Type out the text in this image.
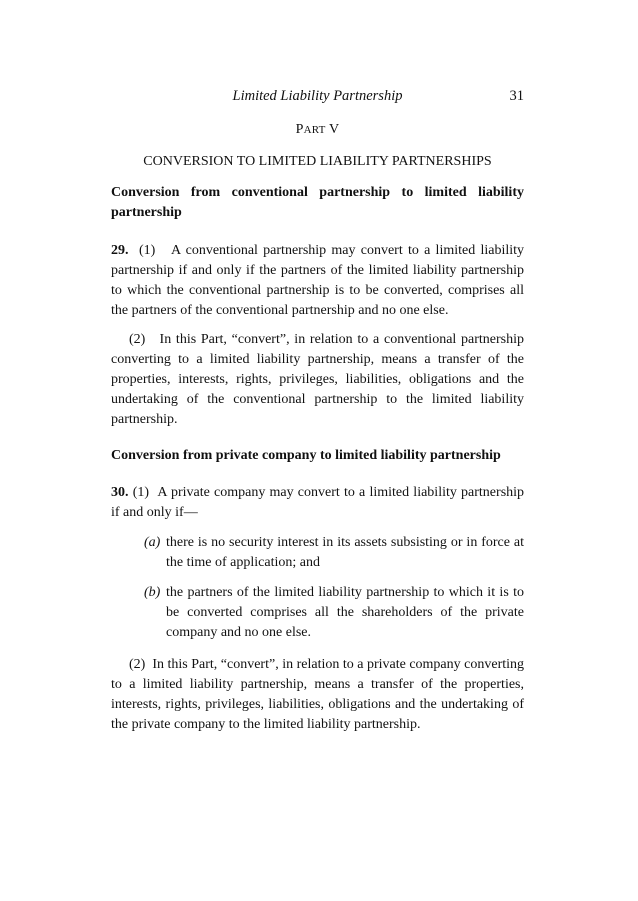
Limited Liability Partnership	31
PART V
CONVERSION TO LIMITED LIABILITY PARTNERSHIPS
Conversion from conventional partnership to limited liability partnership
29. (1) A conventional partnership may convert to a limited liability partnership if and only if the partners of the limited liability partnership to which the conventional partnership is to be converted, comprises all the partners of the conventional partnership and no one else.
(2) In this Part, “convert”, in relation to a conventional partnership converting to a limited liability partnership, means a transfer of the properties, interests, rights, privileges, liabilities, obligations and the undertaking of the conventional partnership to the limited liability partnership.
Conversion from private company to limited liability partnership
30. (1) A private company may convert to a limited liability partnership if and only if—
(a) there is no security interest in its assets subsisting or in force at the time of application; and
(b) the partners of the limited liability partnership to which it is to be converted comprises all the shareholders of the private company and no one else.
(2) In this Part, “convert”, in relation to a private company converting to a limited liability partnership, means a transfer of the properties, interests, rights, privileges, liabilities, obligations and the undertaking of the private company to the limited liability partnership.
